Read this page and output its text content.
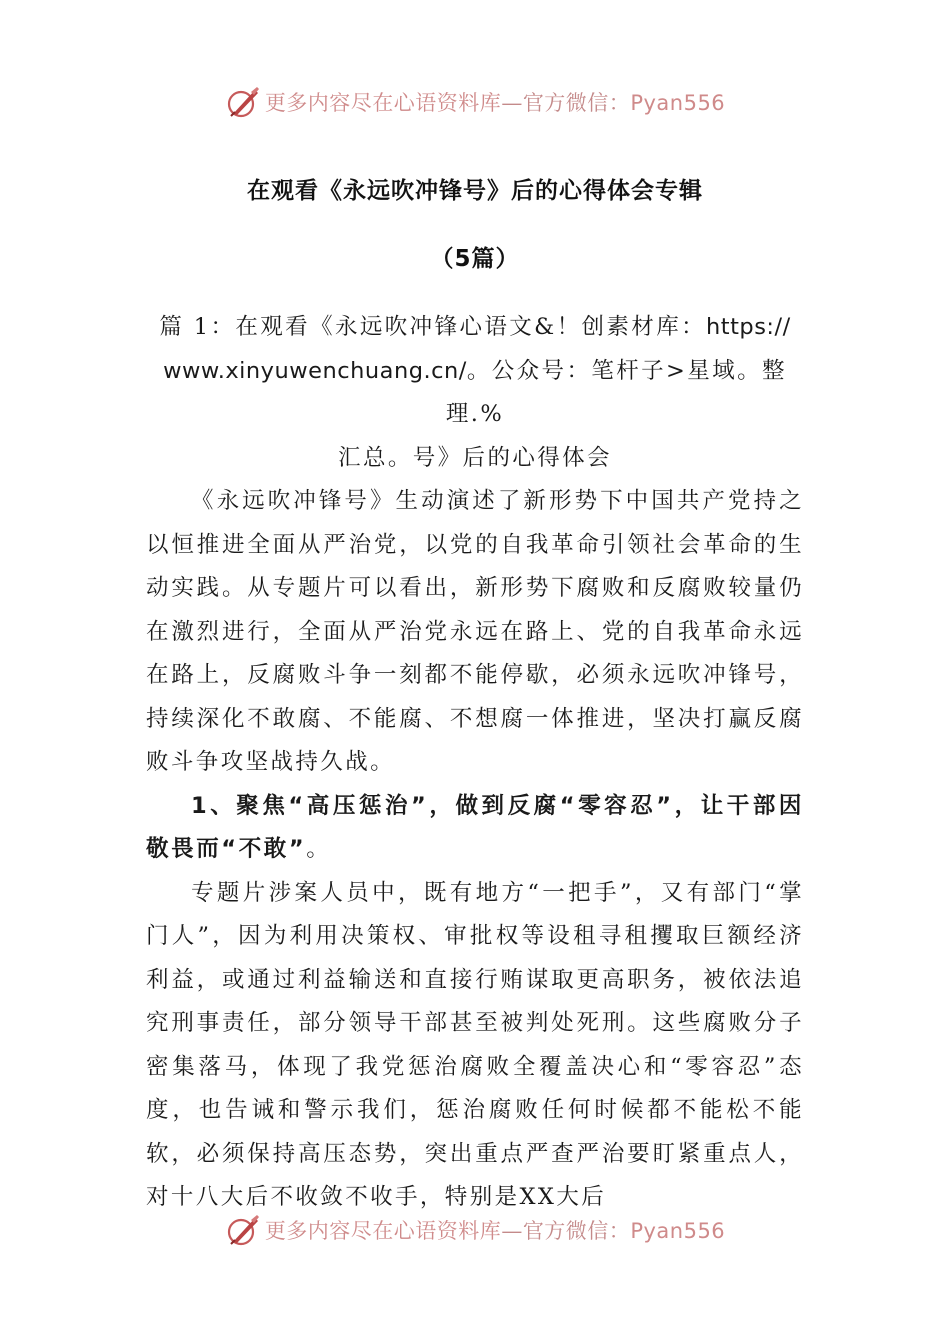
更多内容尽在心语资料库—官方微信：Pyan556
在观看《永远吹冲锋号》后的心得体会专辑
（5篇）

篇 1：在观看《永远吹冲锋心语文&！创素材库：https://

www.xinyuwenchuang.cn/。公众号：笔杆子>星域。整理.%

汇总。号》后的心得体会

《永远吹冲锋号》生动演述了新形势下中国共产党持之以恒推进全面从严治党，以党的自我革命引领社会革命的生动实践。从专题片可以看出，新形势下腐败和反腐败较量仍在激烈进行，全面从严治党永远在路上、党的自我革命永远在路上，反腐败斗争一刻都不能停歇，必须永远吹冲锋号，持续深化不敢腐、不能腐、不想腐一体推进，坚决打赢反腐败斗争攻坚战持久战。

1、聚焦“高压惩治”，做到反腐“零容忍”，让干部因敬畏而“不敢”。

专题片涉案人员中，既有地方“一把手”，又有部门“掌门人”，因为利用决策权、审批权等设租寻租攫取巨额经济利益，或通过利益输送和直接行贿谋取更高职务，被依法追究刑事责任，部分领导干部甚至被判处死刑。这些腐败分子密集落马，体现了我党惩治腐败全覆盖决心和“零容忍”态度，也告诫和警示我们，惩治腐败任何时候都不能松不能软，必须保持高压态势，突出重点严查严治要盯紧重点人，对十八大后不收敛不收手，特别是XX大后

更多内容尽在心语资料库—官方微信：Pyan556
